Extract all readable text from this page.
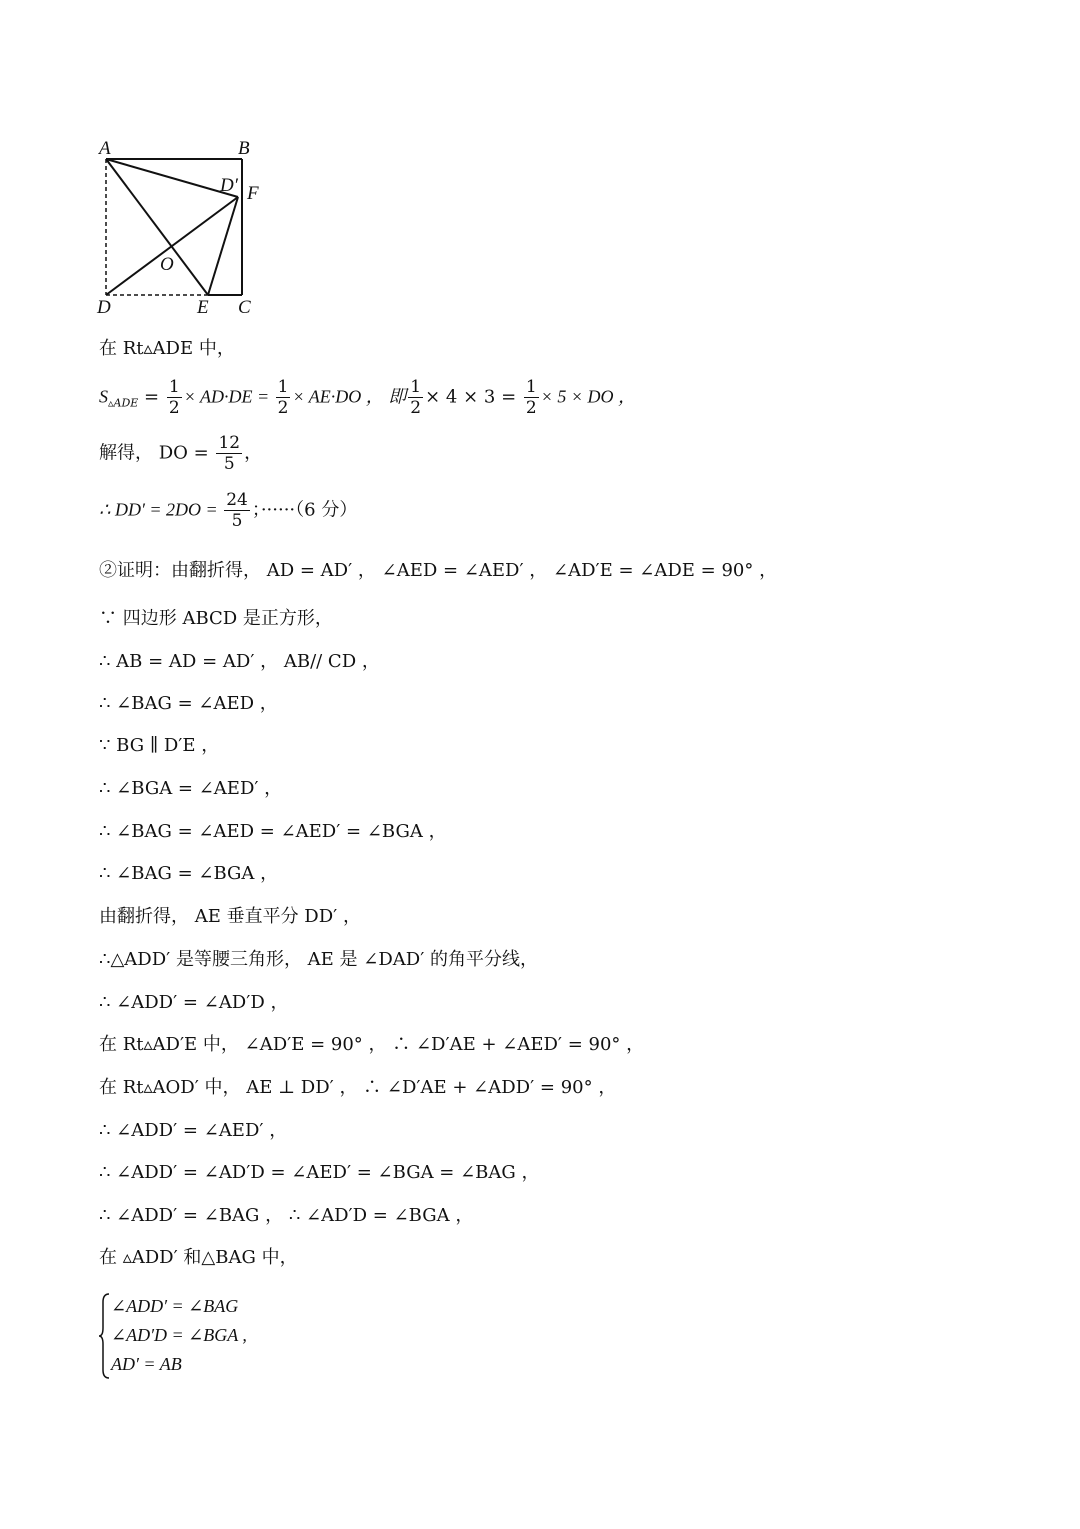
A	B
D′ F
O
D	E C
在 Rt▵ADE 中，
$S_{▵ADE} = \frac{1}{2} \times AD\cdot DE = \frac{1}{2} \times AE\cdot DO$ ， 即 $\frac{1}{2} \times 4 \times 3 = \frac{1}{2} \times 5$ × DO ，
解得， DO = $\frac{12}{5}$ ，
∴ $DD' = 2DO = \frac{24}{5}$ ；······（6 分）
②证明：由翻折得， AD = AD′ ， ∠AED = ∠AED′ ， ∠AD′E = ∠ADE = 90° ，
∵ 四边形 ABCD 是正方形，
∴ AB = AD = AD′ ， AB// CD ，
∴ ∠BAG = ∠AED ，
∵ BG ∥ D′E ，
∴ ∠BGA = ∠AED′ ，
∴ ∠BAG = ∠AED = ∠AED′ = ∠BGA ，
∴ ∠BAG = ∠BGA ，
由翻折得， AE 垂直平分 DD′ ，
∴△ADD′ 是等腰三角形， AE 是 ∠DAD′ 的角平分线，
∴ ∠ADD′ = ∠AD′D ，
在 Rt▵AD′E 中， ∠AD′E = 90° ， ∴ ∠D′AE + ∠AED′ = 90° ，
在 Rt▵AOD′ 中， AE ⊥ DD′ ， ∴ ∠D′AE + ∠ADD′ = 90° ，
∴ ∠ADD′ = ∠AED′ ，
∴ ∠ADD′ = ∠AD′D = ∠AED′ = ∠BGA = ∠BAG ，
∴ ∠ADD′ = ∠BAG ， ∴ ∠AD′D = ∠BGA ，
在 ▵ADD′ 和△BAG 中，
∠ADD′ = ∠BAG
∠AD′D = ∠BGA ,
AD′ = AB
